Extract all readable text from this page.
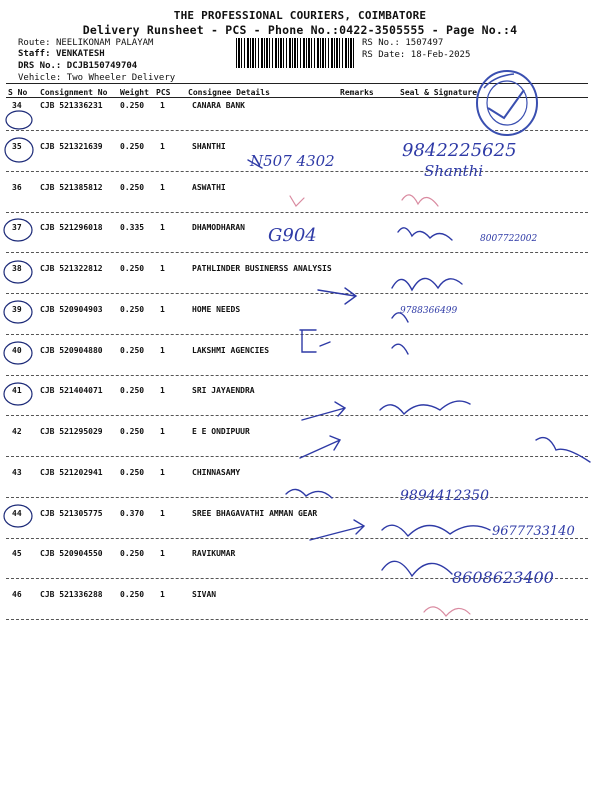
THE PROFESSIONAL COURIERS, COIMBATORE
Delivery Runsheet - PCS - Phone No.:0422-3505555 - Page No.:4
Route: NEELIKONAM PALAYAM
Staff: VENKATESH
DRS No.: DCJB150749704
Vehicle: Two Wheeler Delivery
RS No.: 1507497
RS Date: 18-Feb-2025
S No Consignment No Weight PCS Consignee Details	Remarks	Seal & Signature
34 CJB 521336231 0.250 1	CANARA BANK
35 CJB 521321639 0.250 1	SHANTHI
36 CJB 521385812 0.250 1	ASWATHI
37 CJB 521296018 0.335 1	DHAMODHARAN
38 CJB 521322812 0.250 1	PATHLINDER BUSINERSS ANALYSIS
39 CJB 520904903 0.250 1	HOME NEEDS
40 CJB 520904880 0.250 1	LAKSHMI AGENCIES
41 CJB 521404071 0.250 1	SRI JAYAENDRA
42 CJB 521295029 0.250 1	E E ONDIPUUR
43 CJB 521202941 0.250 1	CHINNASAMY
44 CJB 521305775 0.370 1	SREE BHAGAVATHI AMMAN GEAR
45 CJB 520904550 0.250 1	RAVIKUMAR
46 CJB 521336288 0.250 1	SIVAN
N507 4302	9842225625
Shanthi
G904	8007722002
9788366499
9894412350
9677733140
8608623400
